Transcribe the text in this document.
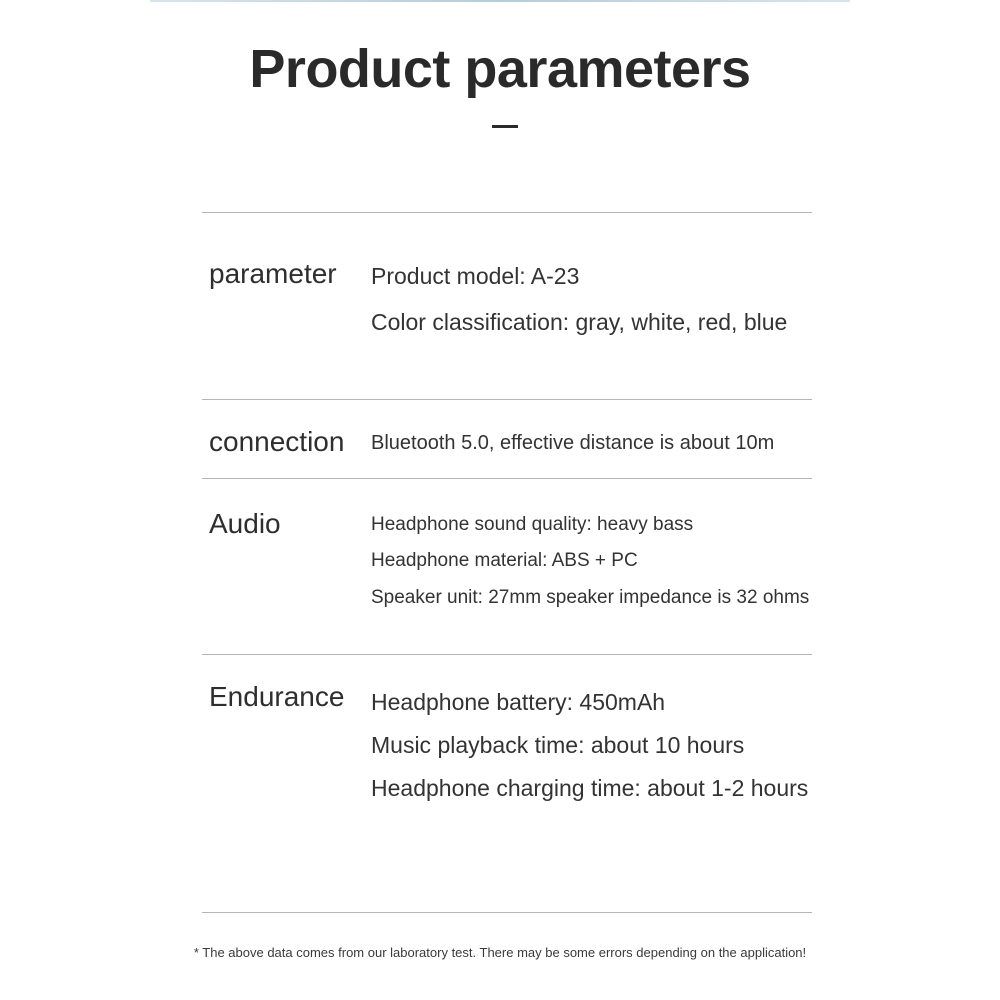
Product parameters
parameter Product model: A-23
Color classification: gray, white, red, blue
connection Bluetooth 5.0, effective distance is about 10m
Audio	Headphone sound quality: heavy bass
Headphone material: ABS + PC
Speaker unit: 27mm speaker impedance is 32 ohms
Endurance Headphone battery: 450mAh
Music playback time: about 10 hours
Headphone charging time: about 1-2 hours
* The above data comes from our laboratory test. There may be some errors depending on the application!
